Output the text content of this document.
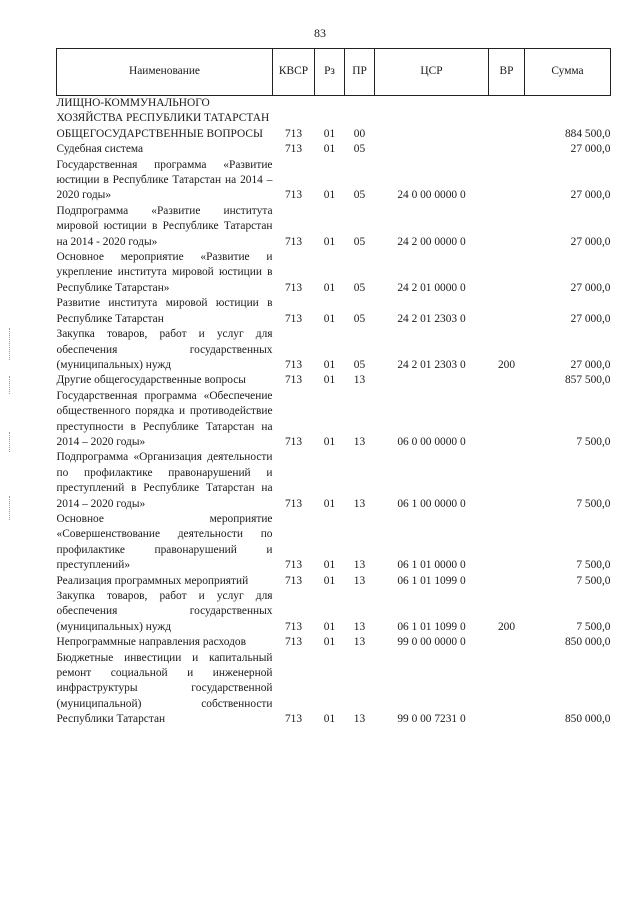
83
Наименование	КВСР	Рз	ПР	ЦСР	ВР	Сумма
ЛИЩНО-КОММУНАЛЬНОГО ХОЗЯЙСТВА РЕСПУБЛИКИ ТАТАРСТАН						
ОБЩЕГОСУДАРСТВЕННЫЕ ВОПРОСЫ	713	01	00			884 500,0
Судебная система	713	01	05			27 000,0
Государственная программа «Развитие юстиции в Республике Татарстан на 2014 – 2020 годы»	713	01	05	24 0 00 0000 0		27 000,0
Подпрограмма «Развитие института мировой юстиции в Республике Татарстан на 2014 - 2020 годы»	713	01	05	24 2 00 0000 0		27 000,0
Основное мероприятие «Развитие и укрепление института мировой юстиции в Республике Татарстан»	713	01	05	24 2 01 0000 0		27 000,0
Развитие института мировой юстиции в Республике Татарстан	713	01	05	24 2 01 2303 0		27 000,0
Закупка товаров, работ и услуг для обеспечения государственных (муниципальных) нужд	713	01	05	24 2 01 2303 0	200	27 000,0
Другие общегосударственные вопросы	713	01	13			857 500,0
Государственная программа «Обеспечение общественного порядка и противодействие преступности в Республике Татарстан на 2014 – 2020 годы»	713	01	13	06 0 00 0000 0		7 500,0
Подпрограмма «Организация деятельности по профилактике правонарушений и преступлений в Республике Татарстан на 2014 – 2020 годы»	713	01	13	06 1 00 0000 0		7 500,0
Основное мероприятие «Совершенствование деятельности по профилактике правонарушений и преступлений»	713	01	13	06 1 01 0000 0		7 500,0
Реализация программных мероприятий	713	01	13	06 1 01 1099 0		7 500,0
Закупка товаров, работ и услуг для обеспечения государственных (муниципальных) нужд	713	01	13	06 1 01 1099 0	200	7 500,0
Непрограммные направления расходов	713	01	13	99 0 00 0000 0		850 000,0
Бюджетные инвестиции и капитальный ремонт социальной и инженерной инфраструктуры государственной (муниципальной) собственности Республики Татарстан	713	01	13	99 0 00 7231 0		850 000,0
